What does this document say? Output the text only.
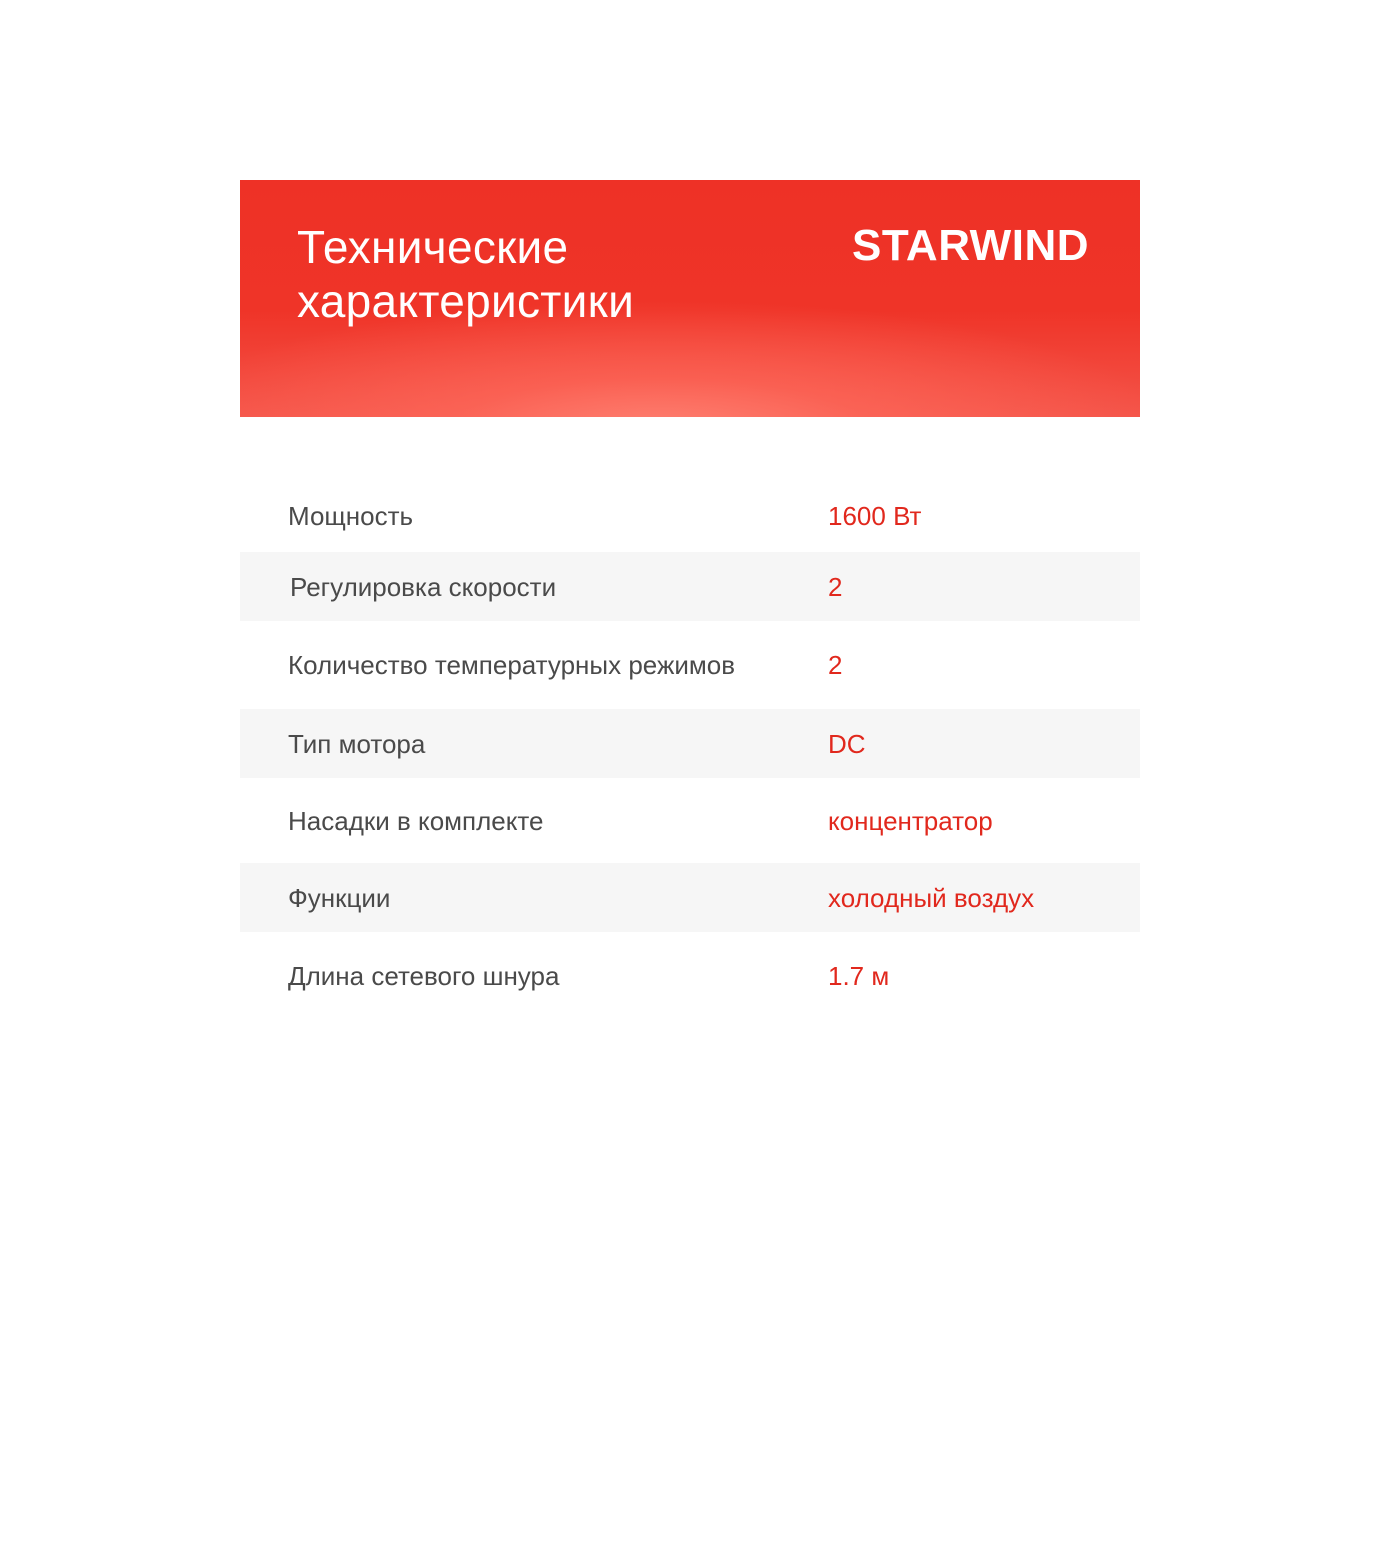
Технические
характеристики
STARWIND
Мощность	1600 Вт
Регулировка скорости	2
Количество температурных режимов	2
Тип мотора	DC
Насадки в комплекте	концентратор
Функции	холодный воздух
Длина сетевого шнура	1.7 м
